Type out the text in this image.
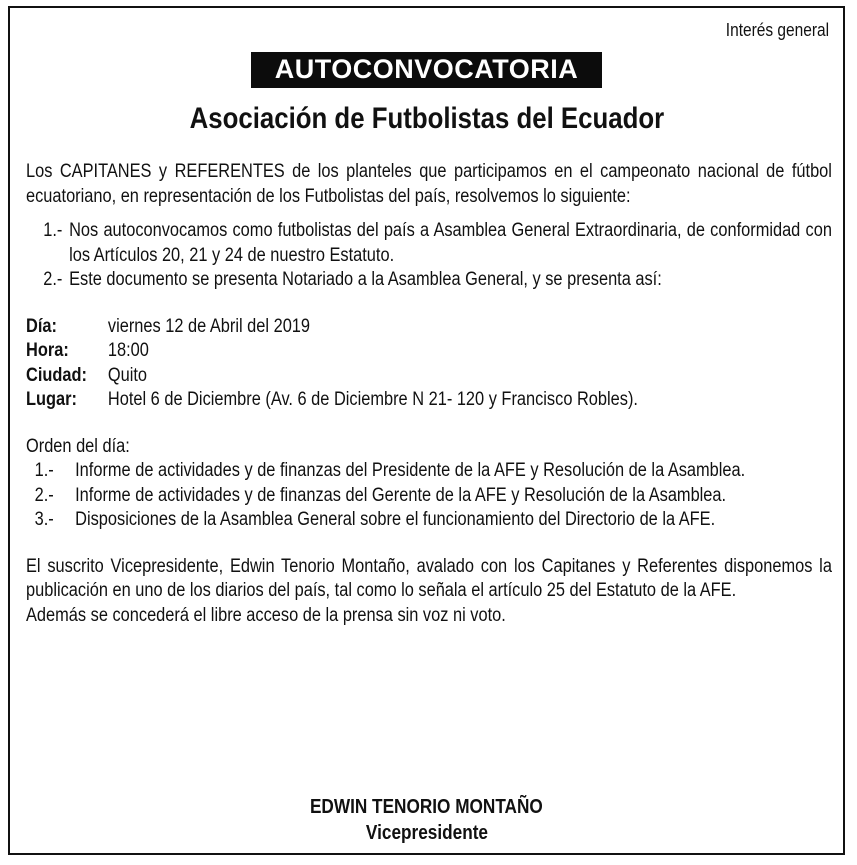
Interés general
AUTOCONVOCATORIA
Asociación de Futbolistas del Ecuador

Los CAPITANES y REFERENTES de los planteles que participamos en el campeonato nacional de fútbol ecuatoriano, en representación de los Futbolistas del país, resolvemos lo siguiente:

1.- Nos autoconvocamos como futbolistas del país a Asamblea General Extraordinaria, de conformidad con los Artículos 20, 21 y 24 de nuestro Estatuto.
2.- Este documento se presenta Notariado a la Asamblea General, y se presenta así:
Día:	viernes 12 de Abril del 2019
Hora:	18:00
Ciudad:	Quito
Lugar:	Hotel 6 de Diciembre (Av. 6 de Diciembre N 21- 120 y Francisco Robles).
Orden del día:
1.- Informe de actividades y de finanzas del Presidente de la AFE y Resolución de la Asamblea.
2.- Informe de actividades y de finanzas del Gerente de la AFE y Resolución de la Asamblea.
3.- Disposiciones de la Asamblea General sobre el funcionamiento del Directorio de la AFE.

El suscrito Vicepresidente, Edwin Tenorio Montaño, avalado con los Capitanes y Referentes disponemos la publicación en uno de los diarios del país, tal como lo señala el artículo 25 del Estatuto de la AFE.

Además se concederá el libre acceso de la prensa sin voz ni voto.

EDWIN TENORIO MONTAÑO
Vicepresidente
